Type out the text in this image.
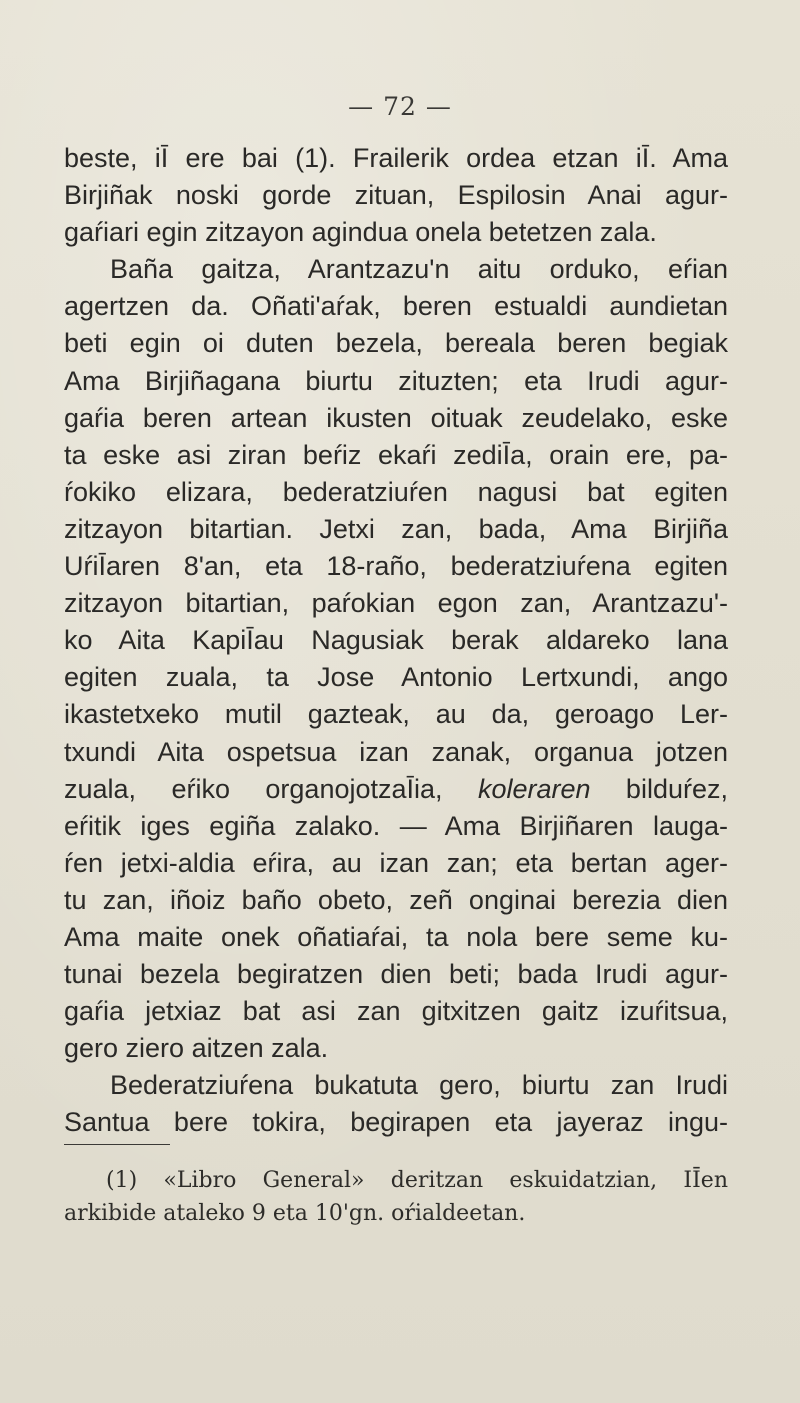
— 72 —
beste, iĪ ere bai (1). Frailerik ordea etzan iĪ. Ama
Birjiñak noski gorde zituan, Espilosin Anai agur-
gaŕiari egin zitzayon agindua onela betetzen zala.
Baña gaitza, Arantzazu'n aitu orduko, eŕian
agertzen da. Oñati'aŕak, beren estualdi aundietan
beti egin oi duten bezela, bereala beren begiak
Ama Birjiñagana biurtu zituzten; eta Irudi agur-
gaŕia beren artean ikusten oituak zeudelako, eske
ta eske asi ziran beŕiz ekaŕi zediĪa, orain ere, pa-
ŕokiko elizara, bederatziuŕen nagusi bat egiten
zitzayon bitartian. Jetxi zan, bada, Ama Birjiña
UŕiĪaren 8'an, eta 18-raño, bederatziuŕena egiten
zitzayon bitartian, paŕokian egon zan, Arantzazu'-
ko Aita KapiĪau Nagusiak berak aldareko lana
egiten zuala, ta Jose Antonio Lertxundi, ango
ikastetxeko mutil gazteak, au da, geroago Ler-
txundi Aita ospetsua izan zanak, organua jotzen
zuala, eŕiko organojotzaĪia, koleraren bilduŕez,
eŕitik iges egiña zalako. — Ama Birjiñaren lauga-
ŕen jetxi-aldia eŕira, au izan zan; eta bertan ager-
tu zan, iñoiz baño obeto, zeñ onginai berezia dien
Ama maite onek oñatiaŕai, ta nola bere seme ku-
tunai bezela begiratzen dien beti; bada Irudi agur-
gaŕia jetxiaz bat asi zan gitxitzen gaitz izuŕitsua,
gero ziero aitzen zala.
Bederatziuŕena bukatuta gero, biurtu zan Irudi
Santua bere tokira, begirapen eta jayeraz ingu-
(1) «Libro General» deritzan eskuidatzian, IĪen
arkibide ataleko 9 eta 10'gn. oŕialdeetan.
